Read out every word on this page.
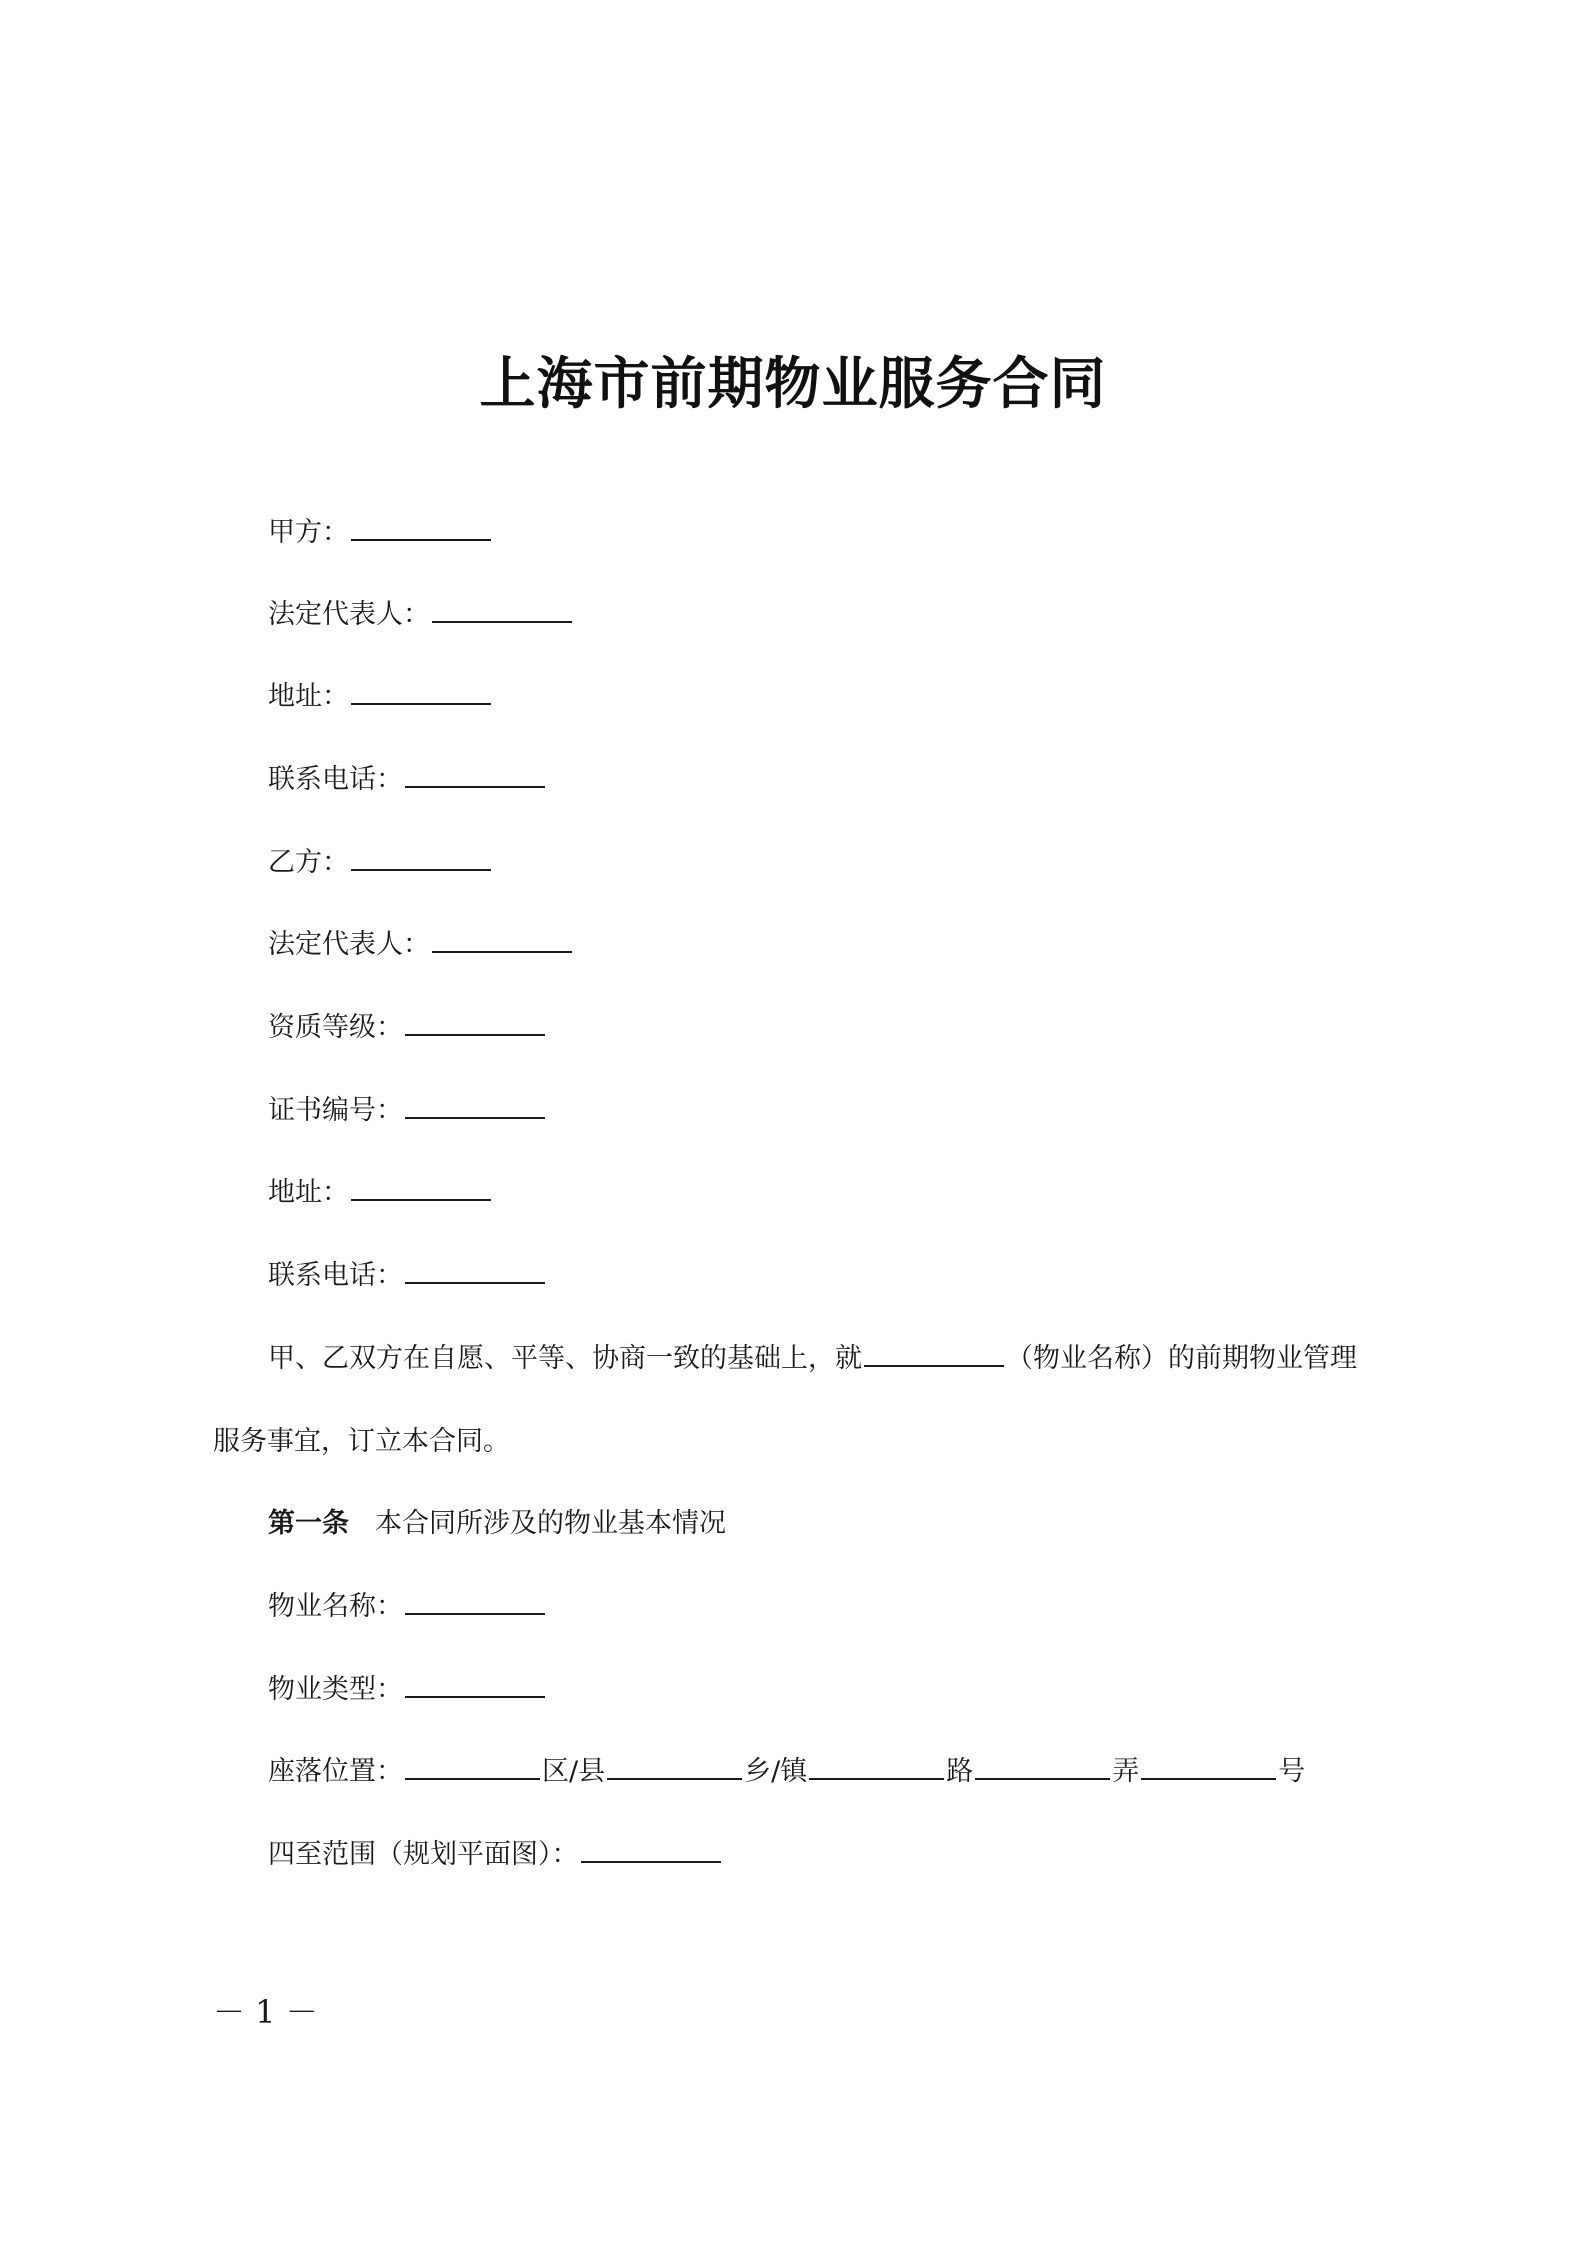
上海市前期物业服务合同
甲方：
法定代表人：
地址：
联系电话：
乙方：
法定代表人：
资质等级：
证书编号：
地址：
联系电话：
甲、乙双方在自愿、平等、协商一致的基础上，就	（物业名称）的前期物业管理
服务事宜，订立本合同。
第一条 本合同所涉及的物业基本情况
物业名称：
物业类型：
座落位置：	区/县	乡/镇	路	弄	号
四至范围（规划平面图）：
－ 1 －
